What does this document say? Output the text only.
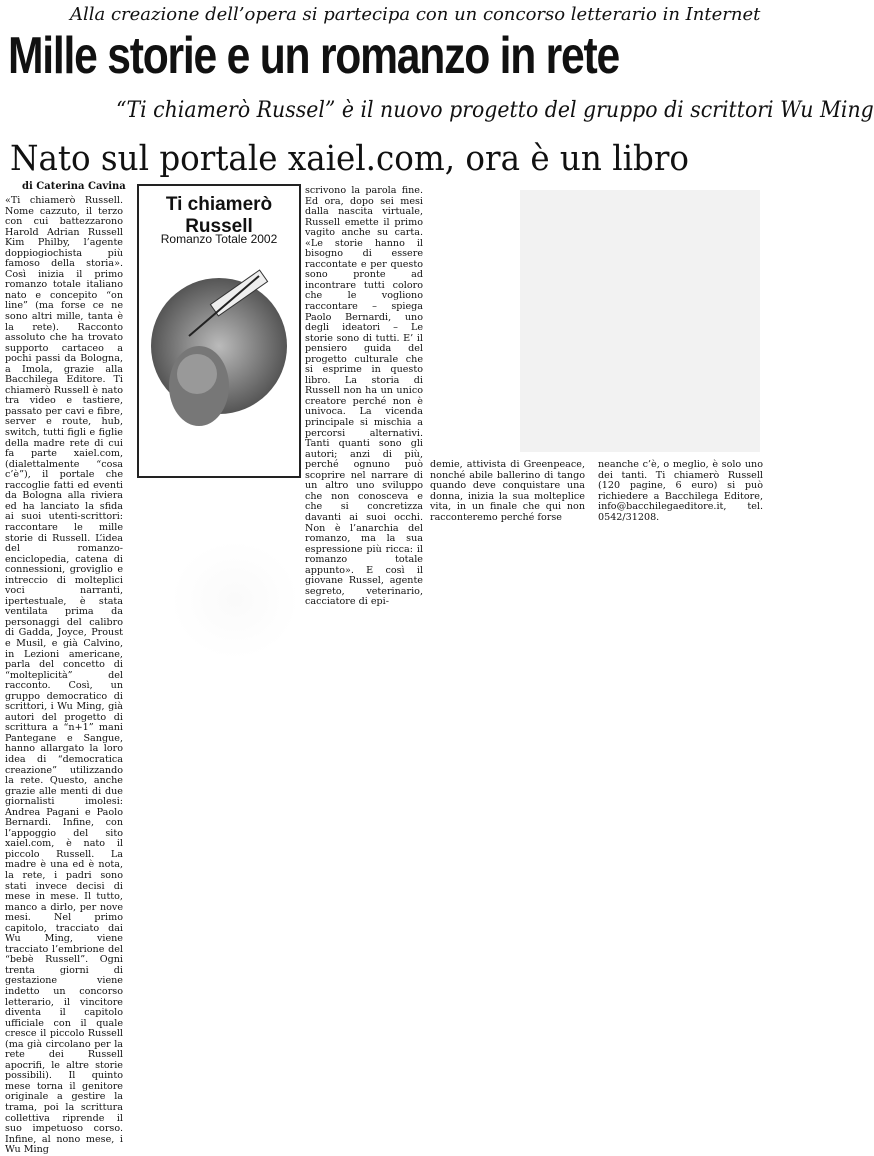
Alla creazione dell’opera si partecipa con un concorso letterario in Internet
Mille storie e un romanzo in rete
“Ti chiamerò Russel” è il nuovo progetto del gruppo di scrittori Wu Ming
Nato sul portale xaiel.com, ora è un libro
di Caterina Cavina
«Ti chiamerò Russell. Nome cazzuto, il terzo con cui battezzarono Harold Adrian Russell Kim Philby, l’agente doppiogiochista più famoso della storia». Così inizia il primo romanzo totale italiano nato e concepito “on line” (ma forse ce ne sono altri mille, tanta è la rete). Racconto assoluto che ha trovato supporto cartaceo a pochi passi da Bologna, a Imola, grazie alla Bacchilega Editore. Ti chiamerò Russell è nato tra video e tastiere, passato per cavi e fibre, server e route, hub, switch, tutti figli e figlie della madre rete di cui fa parte xaiel.com, (dialettalmente “cosa c’è”), il portale che raccoglie fatti ed eventi da Bologna alla riviera ed ha lanciato la sfida ai suoi utenti-scrittori: raccontare le mille storie di Russell. L’idea del romanzo-enciclopedia, catena di connessioni, groviglio e intreccio di molteplici voci narranti, ipertestuale, è stata ventilata prima da personaggi del calibro di Gadda, Joyce, Proust e Musil, e già Calvino, in Lezioni americane, parla del concetto di “molteplicità” del racconto. Così, un gruppo democratico di scrittori, i Wu Ming, già autori del progetto di scrittura a “n+1” mani Pantegane e Sangue, hanno allargato la loro idea di “democratica creazione” utilizzando la rete. Questo, anche grazie alle menti di due giornalisti imolesi: Andrea Pagani e Paolo Bernardi. Infine, con l’appoggio del sito xaiel.com, è nato il piccolo Russell. La madre è una ed è nota, la rete, i padri sono stati invece decisi di mese in mese. Il tutto, manco a dirlo, per nove mesi. Nel primo capitolo, tracciato dai Wu Ming, viene tracciato l’embrione del “bebè Russell”. Ogni trenta giorni di gestazione viene indetto un concorso letterario, il vincitore diventa il capitolo ufficiale con il quale cresce il piccolo Russell (ma già circolano per la rete dei Russell apocrifi, le altre storie possibili). Il quinto mese torna il genitore originale a gestire la trama, poi la scrittura collettiva riprende il suo impetuoso corso. Infine, al nono mese, i Wu Ming
Ti chiamerò Russell
Romanzo Totale 2002
scrivono la parola fine. Ed ora, dopo sei mesi dalla nascita virtuale, Russell emette il primo vagito anche su carta. «Le storie hanno il bisogno di essere raccontate e per questo sono pronte ad incontrare tutti coloro che le vogliono raccontare – spiega Paolo Bernardi, uno degli ideatori – Le storie sono di tutti. E’ il pensiero guida del progetto culturale che si esprime in questo libro. La storia di Russell non ha un unico creatore perché non è univoca. La vicenda principale si mischia a percorsi alternativi. Tanti quanti sono gli autori; anzi di più, perché ognuno può scoprire nel narrare di un altro uno sviluppo che non conosceva e che si concretizza davanti ai suoi occhi. Non è l’anarchia del romanzo, ma la sua espressione più ricca: il romanzo totale appunto». E così il giovane Russel, agente segreto, veterinario, cacciatore di epi-
demie, attivista di Greenpeace, nonché abile ballerino di tango quando deve conquistare una donna, inizia la sua molteplice vita, in un finale che qui non racconteremo perché forse
neanche c’è, o meglio, è solo uno dei tanti. Ti chiamerò Russell (120 pagine, 6 euro) si può richiedere a Bacchilega Editore, info@bacchilegaeditore.it, tel. 0542/31208.
